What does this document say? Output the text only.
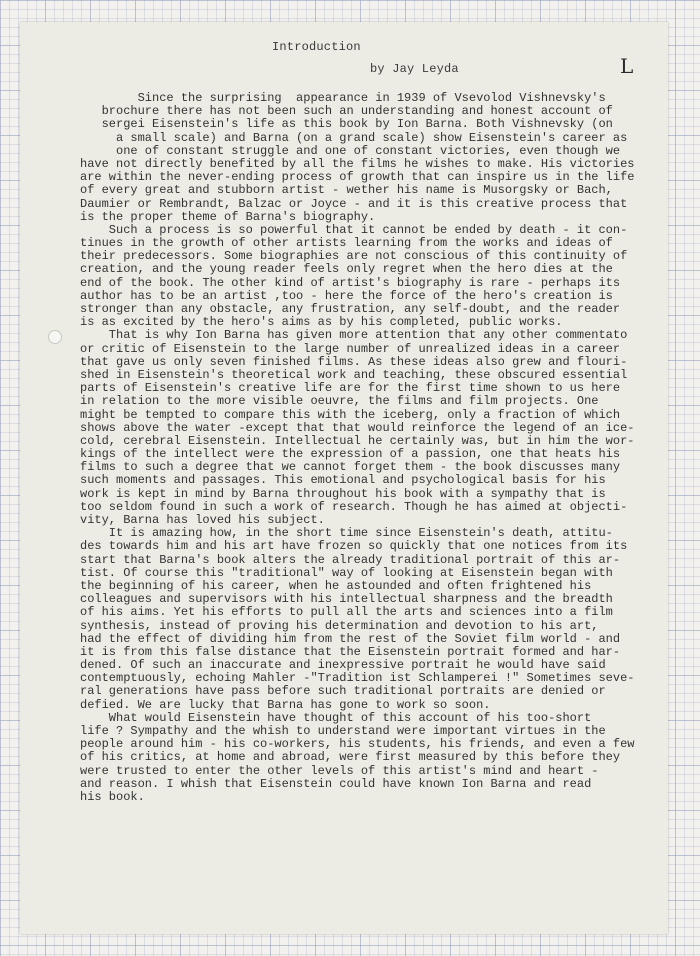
L
Introduction
by Jay Leyda
Since the surprising  appearance in 1939 of Vsevolod Vishnevsky's
brochure there has not been such an understanding and honest account of
sergei Eisenstein's life as this book by Ion Barna. Both Vishnevsky (on
a small scale) and Barna (on a grand scale) show Eisenstein's career as
one of constant struggle and one of constant victories, even though we
have not directly benefited by all the films he wishes to make. His victories
are within the never-ending process of growth that can inspire us in the life
of every great and stubborn artist - wether his name is Musorgsky or Bach,
Daumier or Rembrandt, Balzac or Joyce - and it is this creative process that
is the proper theme of Barna's biography.
Such a process is so powerful that it cannot be ended by death - it con-
tinues in the growth of other artists learning from the works and ideas of
their predecessors. Some biographies are not conscious of this continuity of
creation, and the young reader feels only regret when the hero dies at the
end of the book. The other kind of artist's biography is rare - perhaps its
author has to be an artist ,too - here the force of the hero's creation is
stronger than any obstacle, any frustration, any self-doubt, and the reader
is as excited by the hero's aims as by his completed, public works.
That is why Ion Barna has given more attention that any other commentato
or critic of Eisenstein to the large number of unrealized ideas in a career
that gave us only seven finished films. As these ideas also grew and flouri-
shed in Eisenstein's theoretical work and teaching, these obscured essential
parts of Eisenstein's creative life are for the first time shown to us here
in relation to the more visible oeuvre, the films and film projects. One
might be tempted to compare this with the iceberg, only a fraction of which
shows above the water -except that that would reinforce the legend of an ice-
cold, cerebral Eisenstein. Intellectual he certainly was, but in him the wor-
kings of the intellect were the expression of a passion, one that heats his
films to such a degree that we cannot forget them - the book discusses many
such moments and passages. This emotional and psychological basis for his
work is kept in mind by Barna throughout his book with a sympathy that is
too seldom found in such a work of research. Though he has aimed at objecti-
vity, Barna has loved his subject.
It is amazing how, in the short time since Eisenstein's death, attitu-
des towards him and his art have frozen so quickly that one notices from its
start that Barna's book alters the already traditional portrait of this ar-
tist. Of course this "traditional" way of looking at Eisenstein began with
the beginning of his career, when he astounded and often frightened his
colleagues and supervisors with his intellectual sharpness and the breadth
of his aims. Yet his efforts to pull all the arts and sciences into a film
synthesis, instead of proving his determination and devotion to his art,
had the effect of dividing him from the rest of the Soviet film world - and
it is from this false distance that the Eisenstein portrait formed and har-
dened. Of such an inaccurate and inexpressive portrait he would have said
contemptuously, echoing Mahler -"Tradition ist Schlamperei !" Sometimes seve-
ral generations have pass before such traditional portraits are denied or
defied. We are lucky that Barna has gone to work so soon.
What would Eisenstein have thought of this account of his too-short
life ? Sympathy and the whish to understand were important virtues in the
people around him - his co-workers, his students, his friends, and even a few
of his critics, at home and abroad, were first measured by this before they
were trusted to enter the other levels of this artist's mind and heart -
and reason. I whish that Eisenstein could have known Ion Barna and read
his book.
